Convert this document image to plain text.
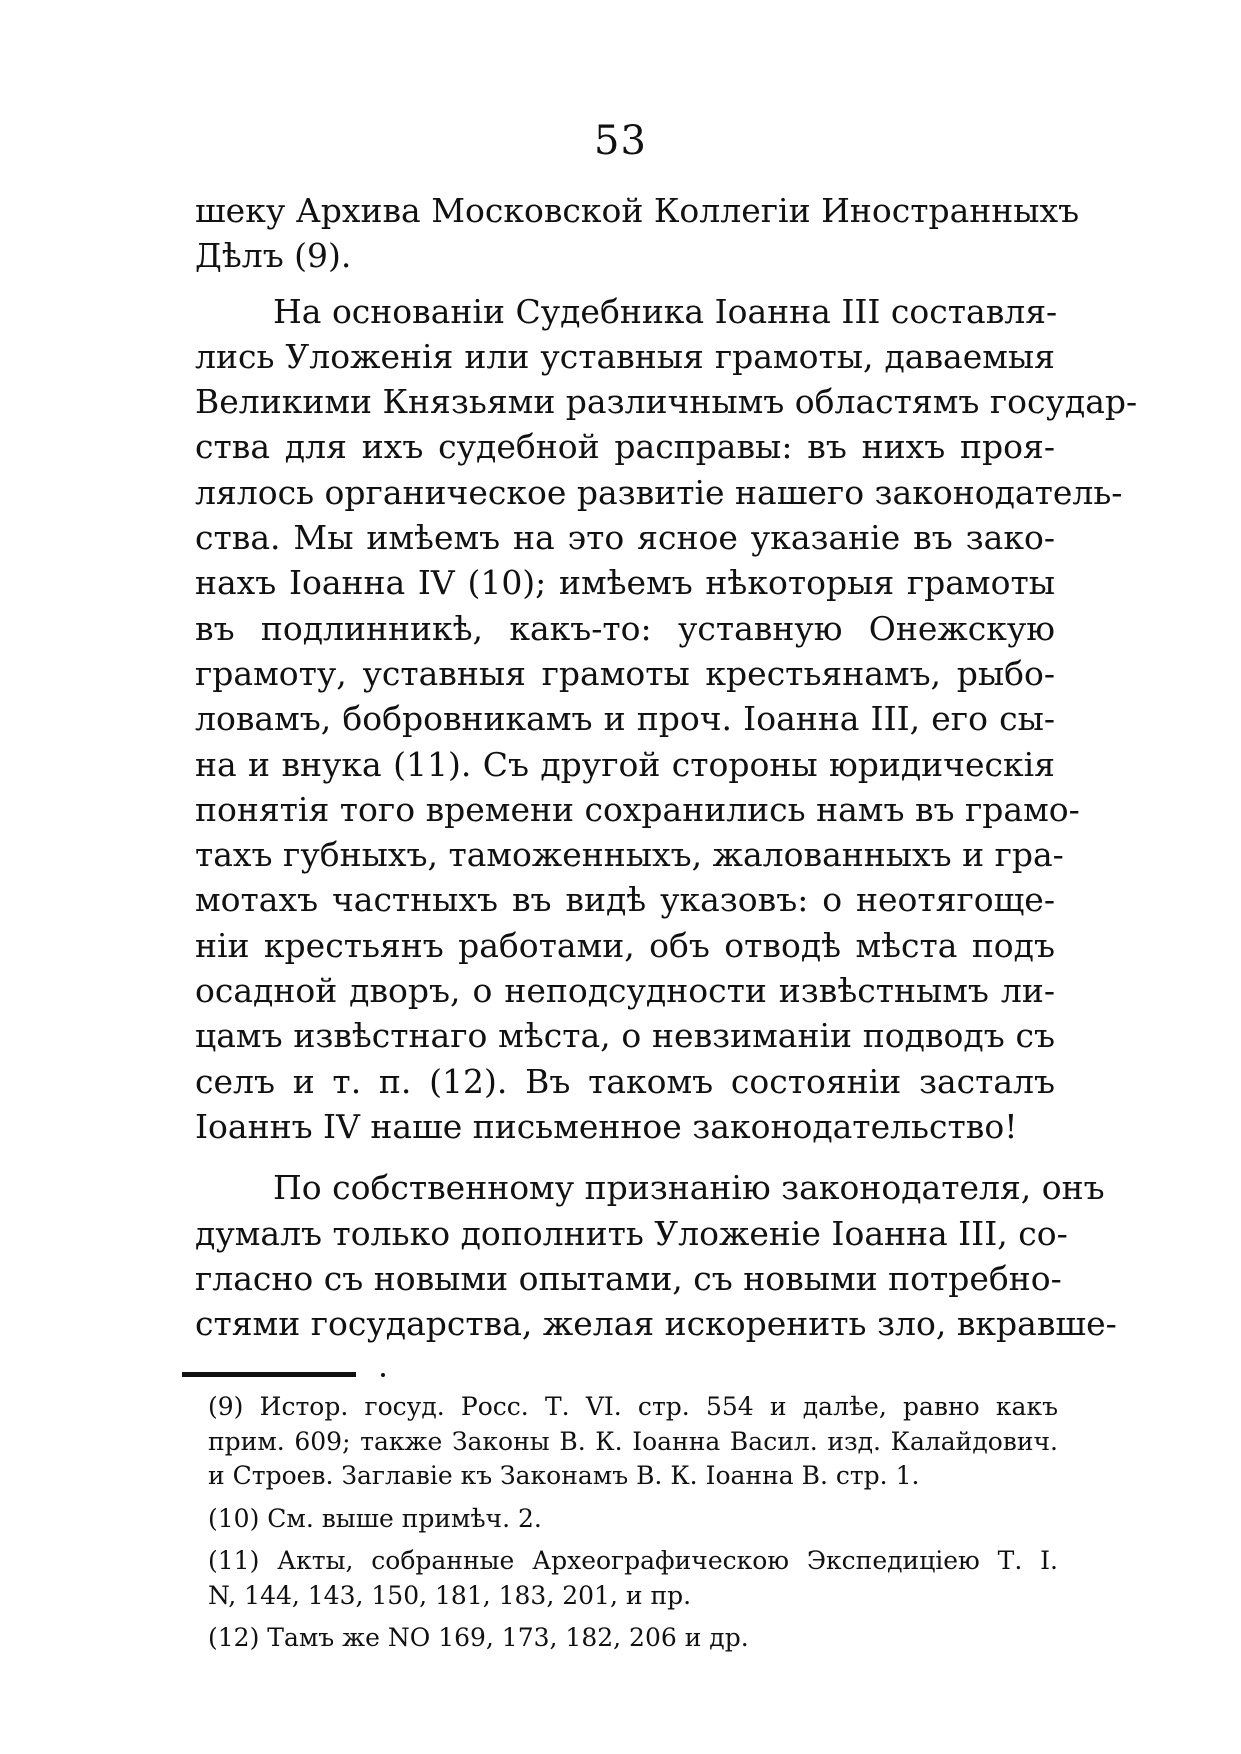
53

шеку Архива Московской Коллегіи Иностранныхъ
Дѣлъ (9).

На основаніи Судебника Іоанна III составля-
лись Уложенія или уставныя грамоты, даваемыя
Великими Князьями различнымъ областямъ государ-
ства для ихъ судебной расправы: въ нихъ проя-
лялось органическое развитіе нашего законодатель-
ства. Мы имѣемъ на это ясное указаніе въ зако-
нахъ Іоанна IV (10); имѣемъ нѣкоторыя грамоты
въ подлинникѣ, какъ-то: уставную Онежскую
грамоту, уставныя грамоты крестьянамъ, рыбо-
ловамъ, бобровникамъ и проч. Іоанна III, его сы-
на и внука (11). Съ другой стороны юридическія
понятія того времени сохранились намъ въ грамо-
тахъ губныхъ, таможенныхъ, жалованныхъ и гра-
мотахъ частныхъ въ видѣ указовъ: о неотягоще-
ніи крестьянъ работами, объ отводѣ мѣста подъ
осадной дворъ, о неподсудности извѣстнымъ ли-
цамъ извѣстнаго мѣста, о невзиманіи подводъ съ
селъ и т. п. (12). Въ такомъ состояніи засталъ
Іоаннъ IV наше письменное законодательство!

По собственному признанію законодателя, онъ
думалъ только дополнить Уложеніе Іоанна III, со-
гласно съ новыми опытами, съ новыми потребно-
стями государства, желая искоренить зло, вкравше-

(9) Истор. госуд. Росс. Т. VI. стр. 554 и далѣе, равно какъ
прим. 609; также Законы В. К. Іоанна Васил. изд. Калайдович.
и Строев. Заглавіе къ Законамъ В. К. Іоанна В. стр. 1.

(10) См. выше примѣч. 2.

(11) Акты, собранные Археографическою Экспедиціею Т. I.
N, 144, 143, 150, 181, 183, 201, и пр.

(12) Тамъ же NO 169, 173, 182, 206 и др.
